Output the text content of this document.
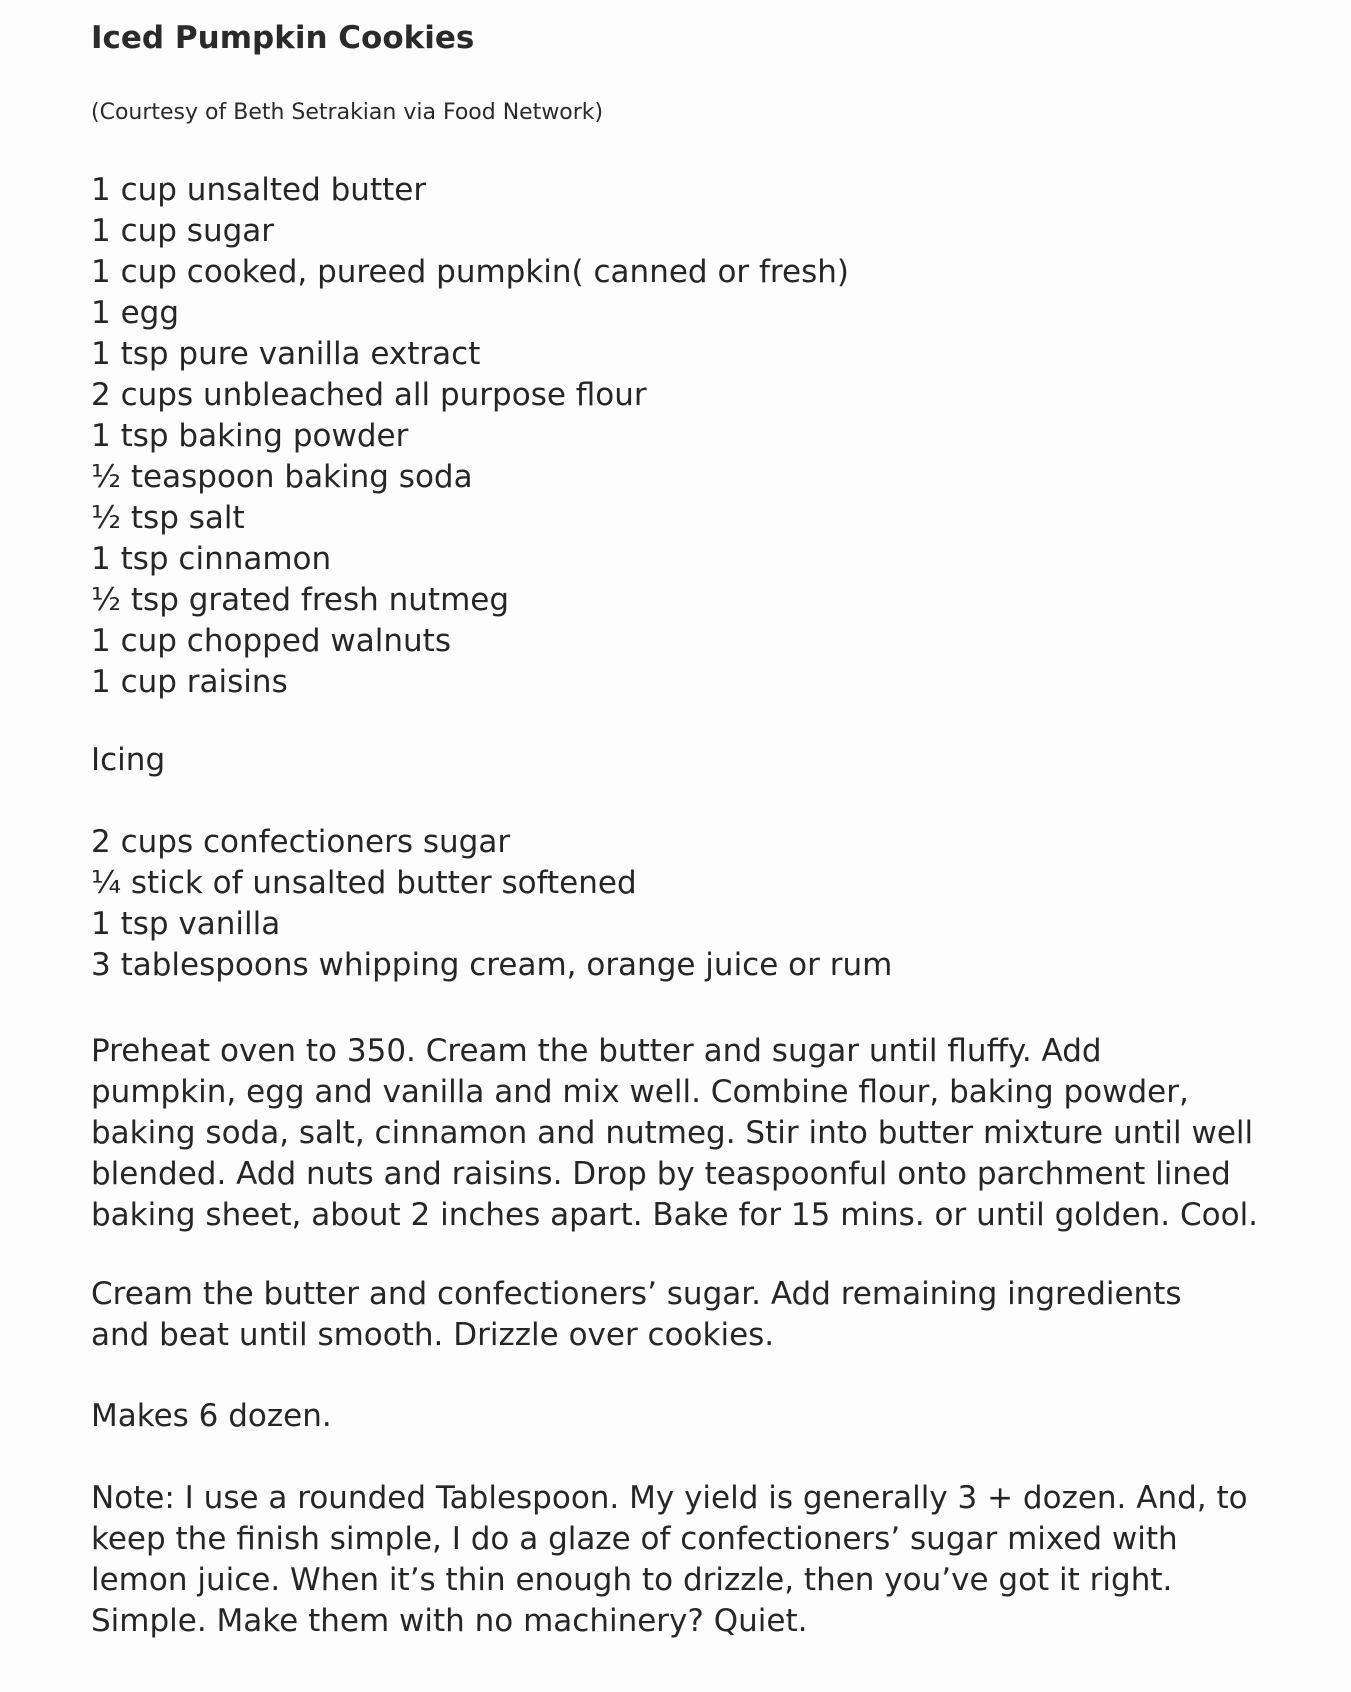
Iced Pumpkin Cookies
(Courtesy of Beth Setrakian via Food Network)
1 cup unsalted butter
1 cup sugar
1 cup cooked, pureed pumpkin( canned or fresh)
1 egg
1 tsp pure vanilla extract
2 cups unbleached all purpose flour
1 tsp baking powder
½ teaspoon baking soda
½ tsp salt
1 tsp cinnamon
½ tsp grated fresh nutmeg
1 cup chopped walnuts
1 cup raisins
Icing
2 cups confectioners sugar
¼ stick of unsalted butter softened
1 tsp vanilla
3 tablespoons whipping cream, orange juice or rum

Preheat oven to 350. Cream the butter and sugar until fluffy. Add
pumpkin, egg and vanilla and mix well. Combine flour, baking powder,
baking soda, salt, cinnamon and nutmeg. Stir into butter mixture until well
blended. Add nuts and raisins. Drop by teaspoonful onto parchment lined
baking sheet, about 2 inches apart. Bake for 15 mins. or until golden. Cool.

Cream the butter and confectioners’ sugar. Add remaining ingredients
and beat until smooth. Drizzle over cookies.

Makes 6 dozen.

Note: I use a rounded Tablespoon. My yield is generally 3 + dozen. And, to
keep the finish simple, I do a glaze of confectioners’ sugar mixed with
lemon juice. When it’s thin enough to drizzle, then you’ve got it right.
Simple. Make them with no machinery? Quiet.
